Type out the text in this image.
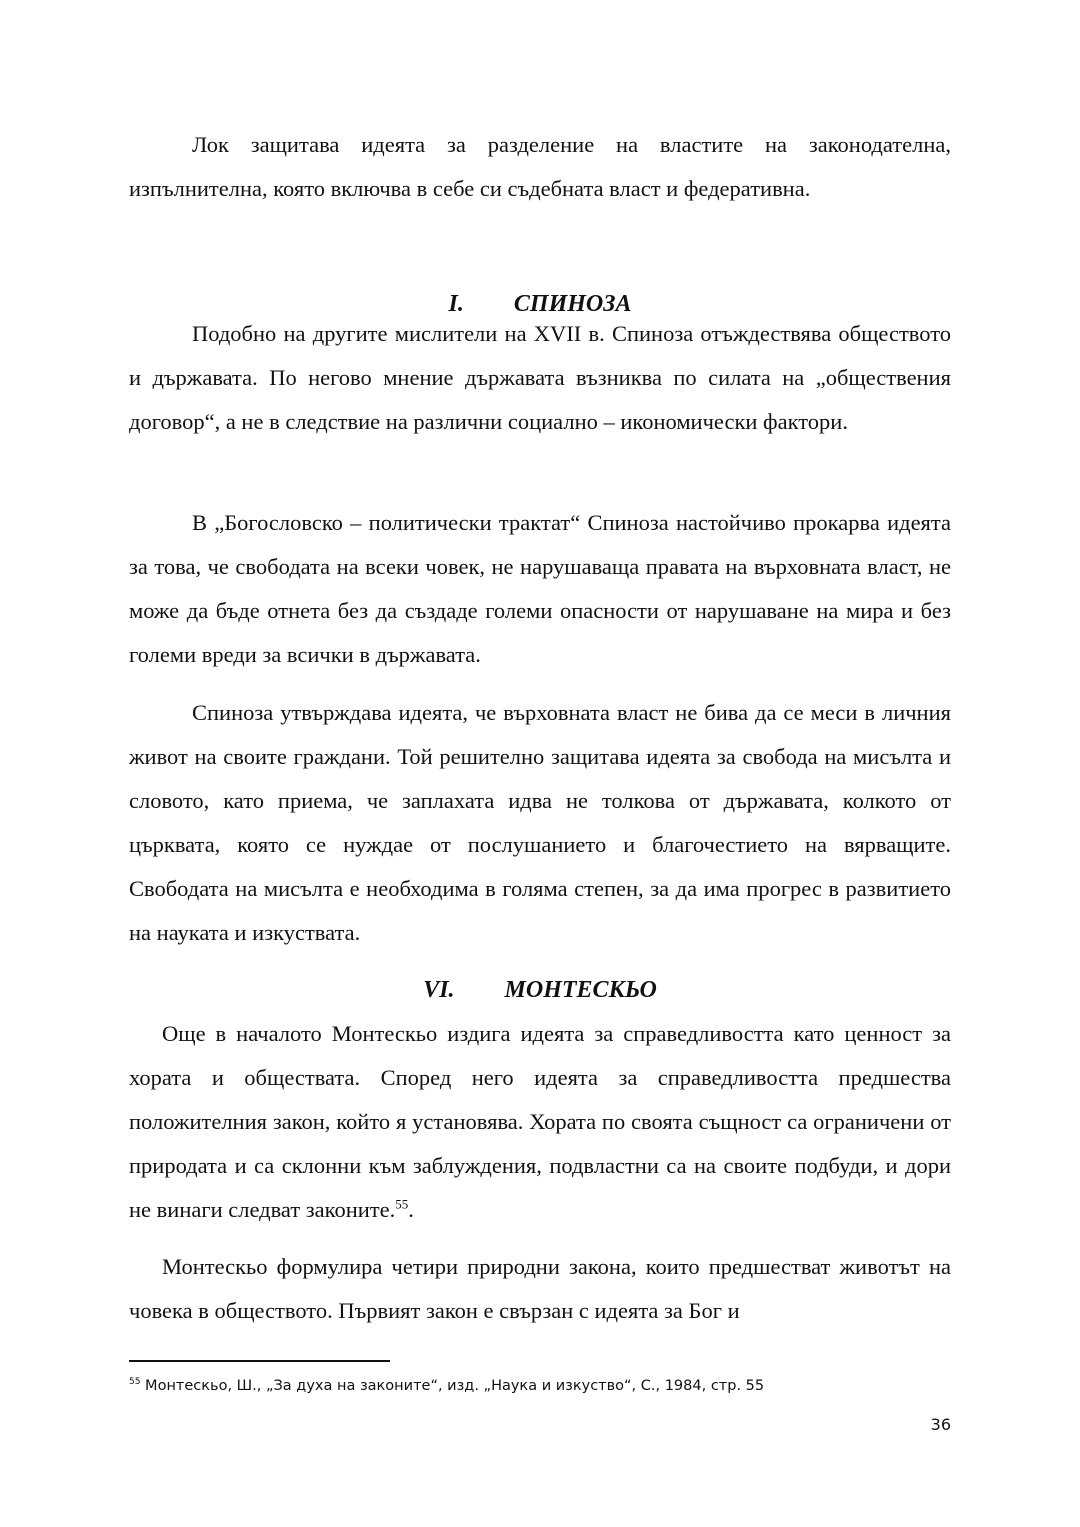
Лок защитава идеята за разделение на властите на законодателна, изпълнителна, която включва в себе си съдебната власт и федеративна.

I. СПИНОЗА

Подобно на другите мислители на XVII в. Спиноза отъждествява обществото и държавата. По негово мнение държавата възниква по силата на „обществения договор“, а не в следствие на различни социално – икономически фактори.

В „Богословско – политически трактат“ Спиноза настойчиво прокарва идеята за това, че свободата на всеки човек, не нарушаваща правата на върховната власт, не може да бъде отнета без да създаде големи опасности от нарушаване на мира и без големи вреди за всички в държавата.

Спиноза утвърждава идеята, че върховната власт не бива да се меси в личния живот на своите граждани. Той решително защитава идеята за свобода на мисълта и словото, като приема, че заплахата идва не толкова от държавата, колкото от църквата, която се нуждае от послушанието и благочестието на вярващите. Свободата на мисълта е необходима в голяма степен, за да има прогрес в развитието на науката и изкуствата.

VI. МОНТЕСКЬО

Още в началото Монтескьо издига идеята за справедливостта като ценност за хората и обществата. Според него идеята за справедливостта предшества положителния закон, който я установява. Хората по своята същност са ограничени от природата и са склонни към заблуждения, подвластни са на своите подбуди, и дори не винаги следват законите.$^{55}$.

Монтескьо формулира четири природни закона, които предшестват животът на човека в обществото. Първият закон е свързан с идеята за Бог и

$^{55}$ Монтескьо, Ш., „За духа на законите“, изд. „Наука и изкуство“, С., 1984, стр. 55

36
